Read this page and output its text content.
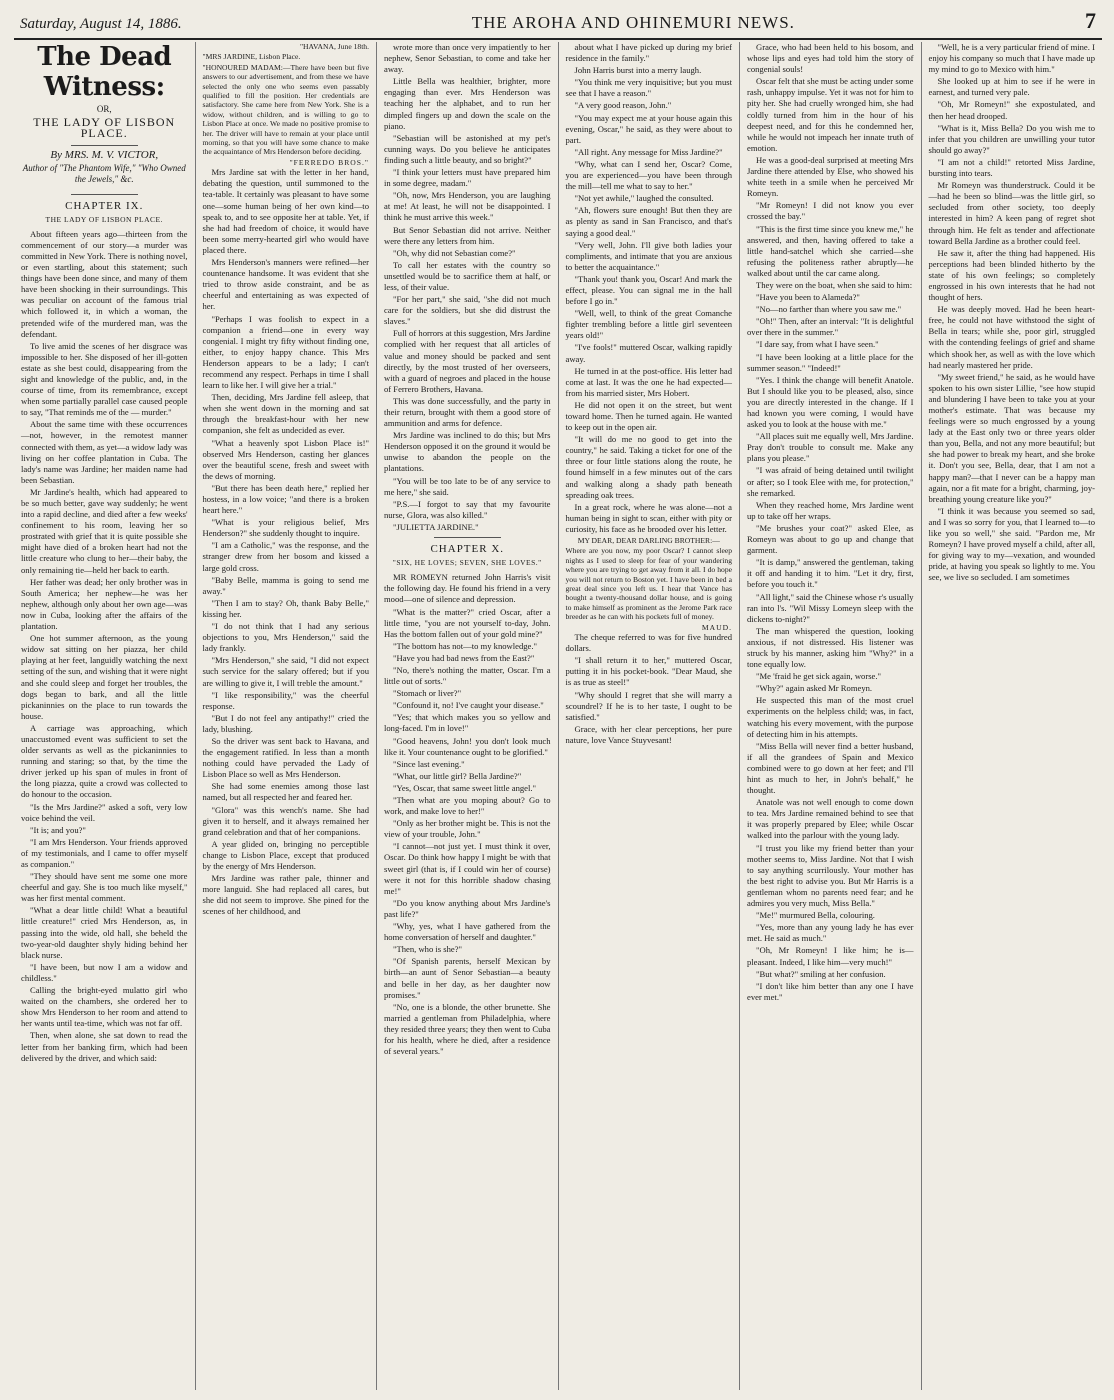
Saturday, August 14, 1886.	THE AROHA AND OHINEMURI NEWS.	7
The Dead Witness:
OR,
THE LADY OF LISBON PLACE.
By MRS. M. V. VICTOR,
Author of "The Phantom Wife," "Who Owned the Jewels," &c.
CHAPTER IX.
THE LADY OF LISBON PLACE.

About fifteen years ago—thirteen from the commencement of our story—a murder was committed in New York. There is nothing novel, or even startling, about this statement; such things have been done since, and many of them have been shocking in their surroundings. This was peculiar on account of the famous trial which followed it, in which a woman, the pretended wife of the murdered man, was the defendant.

To live amid the scenes of her disgrace was impossible to her. She disposed of her ill-gotten estate as she best could, disappearing from the sight and knowledge of the public, and, in the course of time, from its remembrance, except when some partially parallel case caused people to say, "That reminds me of the — murder."

About the same time with these occurrences—not, however, in the remotest manner connected with them, as yet—a widow lady was living on her coffee plantation in Cuba. The lady's name was Jardine; her maiden name had been Sebastian.

Mr Jardine's health, which had appeared to be so much better, gave way suddenly; he went into a rapid decline, and died after a few weeks' confinement to his room, leaving her so prostrated with grief that it is quite possible she might have died of a broken heart had not the little creature who clung to her—their baby, the only remaining tie—held her back to earth.

Her father was dead; her only brother was in South America; her nephew—he was her nephew, although only about her own age—was now in Cuba, looking after the affairs of the plantation.

One hot summer afternoon, as the young widow sat sitting on her piazza, her child playing at her feet, languidly watching the next setting of the sun, and wishing that it were night and she could sleep and forget her troubles, the dogs began to bark, and all the little pickaninnies on the place to run towards the house.

A carriage was approaching, which unaccustomed event was sufficient to set the older servants as well as the pickaninnies to running and staring; so that, by the time the driver jerked up his span of mules in front of the long piazza, quite a crowd was collected to do honour to the occasion.

"Is the Mrs Jardine?" asked a soft, very low voice behind the veil.

"It is; and you?"

"I am Mrs Henderson. Your friends approved of my testimonials, and I came to offer myself as companion."

"They should have sent me some one more cheerful and gay. She is too much like myself," was her first mental comment.

"What a dear little child! What a beautiful little creature!" cried Mrs Henderson, as, in passing into the wide, old hall, she beheld the two-year-old daughter shyly hiding behind her black nurse.

"I have been, but now I am a widow and childless."

Calling the bright-eyed mulatto girl who waited on the chambers, she ordered her to show Mrs Henderson to her room and attend to her wants until tea-time, which was not far off.

Then, when alone, she sat down to read the letter from her banking firm, which had been delivered by the driver, and which said:

"HAVANA, June 18th.

"MRS JARDINE, Lisbon Place.

"HONOURED MADAM:—There have been but five answers to our advertisement, and from these we have selected the only one who seems even passably qualified to fill the position. Her credentials are satisfactory. She came here from New York. She is a widow, without children, and is willing to go to Lisbon Place at once. We made no positive promise to her. The driver will have to remain at your place until morning, so that you will have some chance to make the acquaintance of Mrs Henderson before deciding.

"FERREDO BROS."

Mrs Jardine sat with the letter in her hand, debating the question, until summoned to the tea-table. It certainly was pleasant to have some one—some human being of her own kind—to speak to, and to see opposite her at table. Yet, if she had had freedom of choice, it would have been some merry-hearted girl who would have placed there.

Mrs Henderson's manners were refined—her countenance handsome. It was evident that she tried to throw aside constraint, and be as cheerful and entertaining as was expected of her.

"Perhaps I was foolish to expect in a companion a friend—one in every way congenial. I might try fifty without finding one, either, to enjoy happy chance. This Mrs Henderson appears to be a lady; I can't recommend any respect. Perhaps in time I shall learn to like her. I will give her a trial."

Then, deciding, Mrs Jardine fell asleep, that when she went down in the morning and sat through the breakfast-hour with her new companion, she felt as undecided as ever.

"What a heavenly spot Lisbon Place is!" observed Mrs Henderson, casting her glances over the beautiful scene, fresh and sweet with the dews of morning.

"But there has been death here," replied her hostess, in a low voice; "and there is a broken heart here."

"What is your religious belief, Mrs Henderson?" she suddenly thought to inquire.

"I am a Catholic," was the response, and the stranger drew from her bosom and kissed a large gold cross.

"Baby Belle, mamma is going to send me away."

"Then I am to stay? Oh, thank Baby Belle," kissing her.

"I do not think that I had any serious objections to you, Mrs Henderson," said the lady frankly.

"Mrs Henderson," she said, "I did not expect such service for the salary offered; but if you are willing to give it, I will treble the amount."

"I like responsibility," was the cheerful response.

"But I do not feel any antipathy!" cried the lady, blushing.

So the driver was sent back to Havana, and the engagement ratified. In less than a month nothing could have pervaded the Lady of Lisbon Place so well as Mrs Henderson.

She had some enemies among those last named, but all respected her and feared her.

"Glora" was this wench's name. She had given it to herself, and it always remained her grand celebration and that of her companions.

A year glided on, bringing no perceptible change to Lisbon Place, except that produced by the energy of Mrs Henderson.

Mrs Jardine was rather pale, thinner and more languid. She had replaced all cares, but she did not seem to improve. She pined for the scenes of her childhood, and

wrote more than once very impatiently to her nephew, Senor Sebastian, to come and take her away.

Little Bella was healthier, brighter, more engaging than ever. Mrs Henderson was teaching her the alphabet, and to run her dimpled fingers up and down the scale on the piano.

"Sebastian will be astonished at my pet's cunning ways. Do you believe he anticipates finding such a little beauty, and so bright?"

"I think your letters must have prepared him in some degree, madam."

"Oh, now, Mrs Henderson, you are laughing at me! At least, he will not be disappointed. I think he must arrive this week."

But Senor Sebastian did not arrive. Neither were there any letters from him.

"Oh, why did not Sebastian come?"

To call her estates with the country so unsettled would be to sacrifice them at half, or less, of their value.

"For her part," she said, "she did not much care for the soldiers, but she did distrust the slaves."

Full of horrors at this suggestion, Mrs Jardine complied with her request that all articles of value and money should be packed and sent directly, by the most trusted of her overseers, with a guard of negroes and placed in the house of Ferrero Brothers, Havana.

This was done successfully, and the party in their return, brought with them a good store of ammunition and arms for defence.

Mrs Jardine was inclined to do this; but Mrs Henderson opposed it on the ground it would be unwise to abandon the people on the plantations.

"You will be too late to be of any service to me here," she said.

"P.S.—I forgot to say that my favourite nurse, Glora, was also killed."

"JULIETTA JARDINE."

CHAPTER X.
"SIX, HE LOVES; SEVEN, SHE LOVES."

MR ROMEYN returned John Harris's visit the following day. He found his friend in a very mood—one of silence and depression.

"What is the matter?" cried Oscar, after a little time, "you are not yourself to-day, John. Has the bottom fallen out of your gold mine?"

"The bottom has not—to my knowledge."

"Have you had bad news from the East?"

"No, there's nothing the matter, Oscar. I'm a little out of sorts."

"Stomach or liver?"

"Confound it, no! I've caught your disease."

"Yes; that which makes you so yellow and long-faced. I'm in love!"

"Good heavens, John! you don't look much like it. Your countenance ought to be glorified."

"Since last evening."

"What, our little girl? Bella Jardine?"

"Yes, Oscar, that same sweet little angel."

"Then what are you moping about? Go to work, and make love to her!"

"Only as her brother might be. This is not the view of your trouble, John."

"I cannot—not just yet. I must think it over, Oscar. Do think how happy I might be with that sweet girl (that is, if I could win her of course) were it not for this horrible shadow chasing me!"

"Do you know anything about Mrs Jardine's past life?"

"Why, yes, what I have gathered from the home conversation of herself and daughter."

"Then, who is she?"

"Of Spanish parents, herself Mexican by birth—an aunt of Senor Sebastian—a beauty and belle in her day, as her daughter now promises."

"No, one is a blonde, the other brunette. She married a gentleman from Philadelphia, where they resided three years; they then went to Cuba for his health, where he died, after a residence of several years."

about what I have picked up during my brief residence in the family."

John Harris burst into a merry laugh.

"You think me very inquisitive; but you must see that I have a reason."

"A very good reason, John."

"You may expect me at your house again this evening, Oscar," he said, as they were about to part.

"All right. Any message for Miss Jardine?"

"Why, what can I send her, Oscar? Come, you are experienced—you have been through the mill—tell me what to say to her."

"Not yet awhile," laughed the consulted.

"Ah, flowers sure enough! But then they are as plenty as sand in San Francisco, and that's saying a good deal."

"Very well, John. I'll give both ladies your compliments, and intimate that you are anxious to better the acquaintance."

"Thank you! thank you, Oscar! And mark the effect, please. You can signal me in the hall before I go in."

"Well, well, to think of the great Comanche fighter trembling before a little girl seventeen years old!"

"I've fools!" muttered Oscar, walking rapidly away.

He turned in at the post-office. His letter had come at last. It was the one he had expected—from his married sister, Mrs Hobert.

He did not open it on the street, but went toward home. Then he turned again. He wanted to keep out in the open air.

"It will do me no good to get into the country," he said. Taking a ticket for one of the three or four little stations along the route, he found himself in a few minutes out of the cars and walking along a shady path beneath spreading oak trees.

In a great rock, where he was alone—not a human being in sight to scan, either with pity or curiosity, his face as he brooded over his letter.

MY DEAR, DEAR DARLING BROTHER:—

Where are you now, my poor Oscar? I cannot sleep nights as I used to sleep for fear of your wandering where you are trying to get away from it all. I do hope you will not return to Boston yet. I have been in bed a great deal since you left us. I hear that Vance has bought a twenty-thousand dollar house, and is going to make himself as prominent as the Jerome Park race breeder as he can with his pockets full of money.

MAUD.

The cheque referred to was for five hundred dollars.

"I shall return it to her," muttered Oscar, putting it in his pocket-book. "Dear Maud, she is as true as steel!"

"Why should I regret that she will marry a scoundrel? If he is to her taste, I ought to be satisfied."

Grace, with her clear perceptions, her pure nature, love Vance Stuyvesant!

Grace, who had been held to his bosom, and whose lips and eyes had told him the story of congenial souls!

Oscar felt that she must be acting under some rash, unhappy impulse. Yet it was not for him to pity her. She had cruelly wronged him, she had coldly turned from him in the hour of his deepest need, and for this he condemned her, while he would not impeach her innate truth of emotion.

He was a good-deal surprised at meeting Mrs Jardine there attended by Else, who showed his white teeth in a smile when he perceived Mr Romeyn.

"Mr Romeyn! I did not know you ever crossed the bay."

"This is the first time since you knew me," he answered, and then, having offered to take a little hand-satchel which she carried—she refusing the politeness rather abruptly—he walked about until the car came along.

They were on the boat, when she said to him:

"Have you been to Alameda?"

"No—no farther than where you saw me."

"Oh!" Then, after an interval: "It is delightful over there in the summer."

"I dare say, from what I have seen."

"I have been looking at a little place for the summer season." "Indeed!"

"Yes. I think the change will benefit Anatole. But I should like you to be pleased, also, since you are directly interested in the change. If I had known you were coming, I would have asked you to look at the house with me."

"All places suit me equally well, Mrs Jardine. Pray don't trouble to consult me. Make any plans you please."

"I was afraid of being detained until twilight or after; so I took Elee with me, for protection," she remarked.

When they reached home, Mrs Jardine went up to take off her wraps.

"Me brushes your coat?" asked Elee, as Romeyn was about to go up and change that garment.

"It is damp," answered the gentleman, taking it off and handing it to him. "Let it dry, first, before you touch it."

"All light," said the Chinese whose r's usually ran into l's. "Wil Missy Lomeyn sleep with the dickens to-night?"

The man whispered the question, looking anxious, if not distressed. His listener was struck by his manner, asking him "Why?" in a tone equally low.

"Me 'fraid he get sick again, worse."

"Why?" again asked Mr Romeyn.

He suspected this man of the most cruel experiments on the helpless child; was, in fact, watching his every movement, with the purpose of detecting him in his attempts.

"Miss Bella will never find a better husband, if all the grandees of Spain and Mexico combined were to go down at her feet; and I'll hint as much to her, in John's behalf," he thought.

Anatole was not well enough to come down to tea. Mrs Jardine remained behind to see that it was properly prepared by Elee; while Oscar walked into the parlour with the young lady.

"I trust you like my friend better than your mother seems to, Miss Jardine. Not that I wish to say anything scurrilously. Your mother has the best right to advise you. But Mr Harris is a gentleman whom no parents need fear; and he admires you very much, Miss Bella."

"Me!" murmured Bella, colouring.

"Yes, more than any young lady he has ever met. He said as much."

"Oh, Mr Romeyn! I like him; he is—pleasant. Indeed, I like him—very much!"

"But what?" smiling at her confusion.

"I don't like him better than any one I have ever met."

"Well, he is a very particular friend of mine. I enjoy his company so much that I have made up my mind to go to Mexico with him."

She looked up at him to see if he were in earnest, and turned very pale.

"Oh, Mr Romeyn!" she expostulated, and then her head drooped.

"What is it, Miss Bella? Do you wish me to infer that you children are unwilling your tutor should go away?"

"I am not a child!" retorted Miss Jardine, bursting into tears.

Mr Romeyn was thunderstruck. Could it be—had he been so blind—was the little girl, so secluded from other society, too deeply interested in him? A keen pang of regret shot through him. He felt as tender and affectionate toward Bella Jardine as a brother could feel.

He saw it, after the thing had happened. His perceptions had been blinded hitherto by the state of his own feelings; so completely engrossed in his own interests that he had not thought of hers.

He was deeply moved. Had he been heart-free, he could not have withstood the sight of Bella in tears; while she, poor girl, struggled with the contending feelings of grief and shame which shook her, as well as with the love which had nearly mastered her pride.

"My sweet friend," he said, as he would have spoken to his own sister Lillie, "see how stupid and blundering I have been to take you at your mother's estimate. That was because my feelings were so much engrossed by a young lady at the East only two or three years older than you, Bella, and not any more beautiful; but she had power to break my heart, and she broke it. Don't you see, Bella, dear, that I am not a happy man?—that I never can be a happy man again, nor a fit mate for a bright, charming, joy-breathing young creature like you?"

"I think it was because you seemed so sad, and I was so sorry for you, that I learned to—to like you so well," she said. "Pardon me, Mr Romeyn? I have proved myself a child, after all, for giving way to my—vexation, and wounded pride, at having you speak so lightly to me. You see, we live so secluded. I am sometimes
